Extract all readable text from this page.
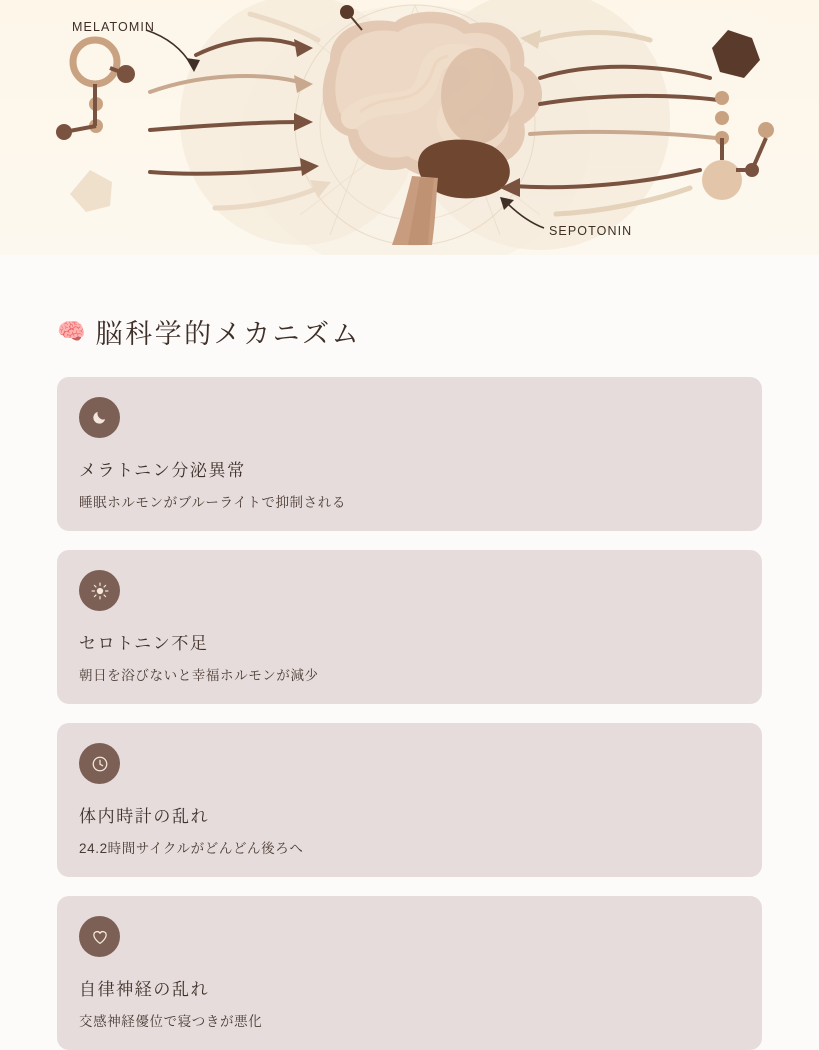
MELATOMIN
SEPOTONIN
🧠 脳科学的メカニズム

メラトニン分泌異常

睡眠ホルモンがブルーライトで抑制される

セロトニン不足

朝日を浴びないと幸福ホルモンが減少

体内時計の乱れ

24.2時間サイクルがどんどん後ろへ

自律神経の乱れ

交感神経優位で寝つきが悪化
